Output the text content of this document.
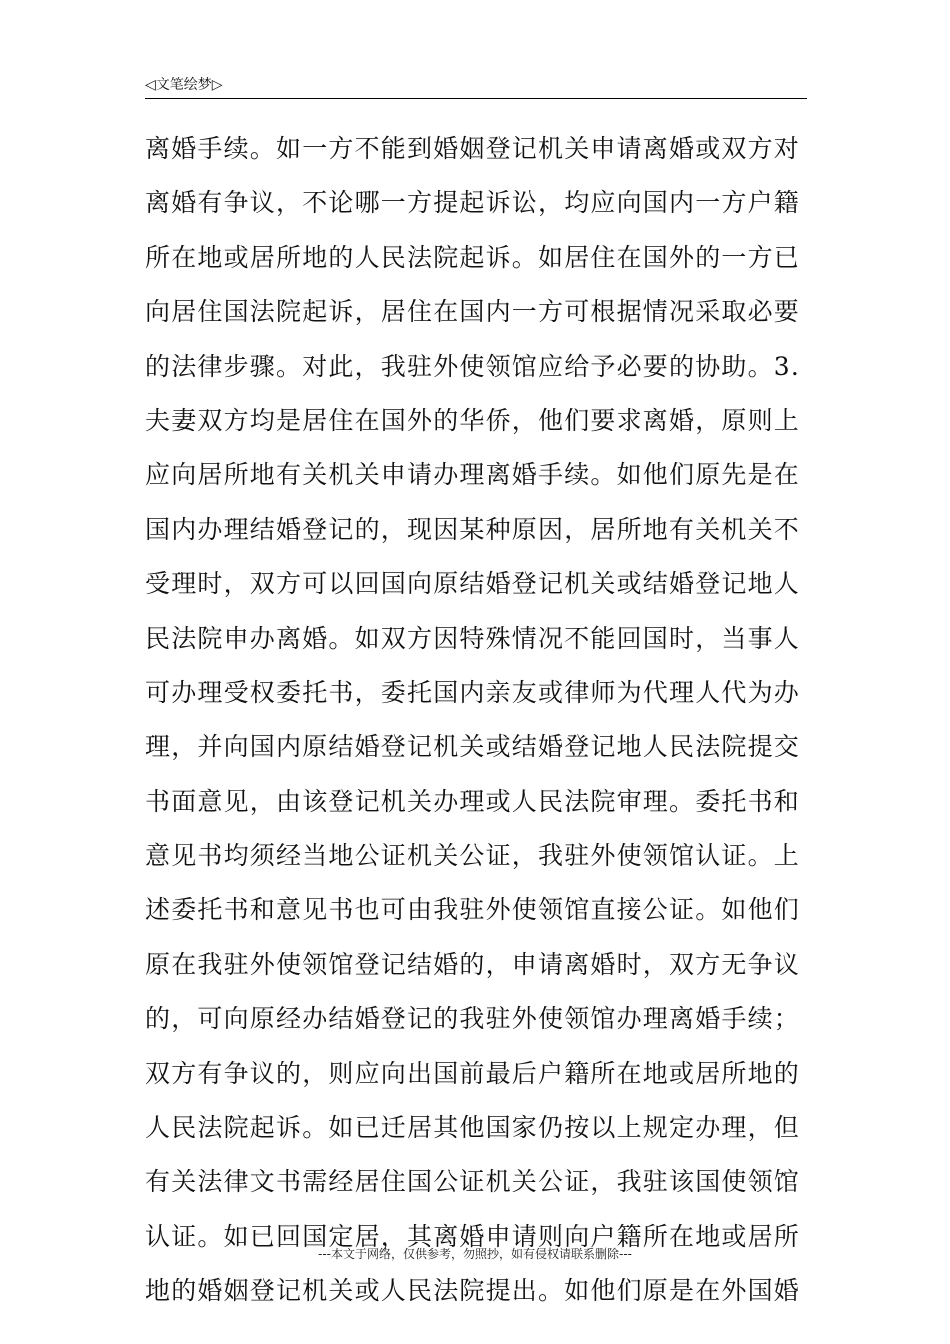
◁文笔绘梦▷
离婚手续。如一方不能到婚姻登记机关申请离婚或双方对
离婚有争议，不论哪一方提起诉讼，均应向国内一方户籍
所在地或居所地的人民法院起诉。如居住在国外的一方已
向居住国法院起诉，居住在国内一方可根据情况采取必要
的法律步骤。对此，我驻外使领馆应给予必要的协助。3.
夫妻双方均是居住在国外的华侨，他们要求离婚，原则上
应向居所地有关机关申请办理离婚手续。如他们原先是在
国内办理结婚登记的，现因某种原因，居所地有关机关不
受理时，双方可以回国向原结婚登记机关或结婚登记地人
民法院申办离婚。如双方因特殊情况不能回国时，当事人
可办理受权委托书，委托国内亲友或律师为代理人代为办
理，并向国内原结婚登记机关或结婚登记地人民法院提交
书面意见，由该登记机关办理或人民法院审理。委托书和
意见书均须经当地公证机关公证，我驻外使领馆认证。上
述委托书和意见书也可由我驻外使领馆直接公证。如他们
原在我驻外使领馆登记结婚的，申请离婚时，双方无争议
的，可向原经办结婚登记的我驻外使领馆办理离婚手续；
双方有争议的，则应向出国前最后户籍所在地或居所地的
人民法院起诉。如已迁居其他国家仍按以上规定办理，但
有关法律文书需经居住国公证机关公证，我驻该国使领馆
认证。如已回国定居，其离婚申请则向户籍所在地或居所
地的婚姻登记机关或人民法院提出。如他们原是在外国婚
---本文于网络，仅供参考，勿照抄，如有侵权请联系删除---
